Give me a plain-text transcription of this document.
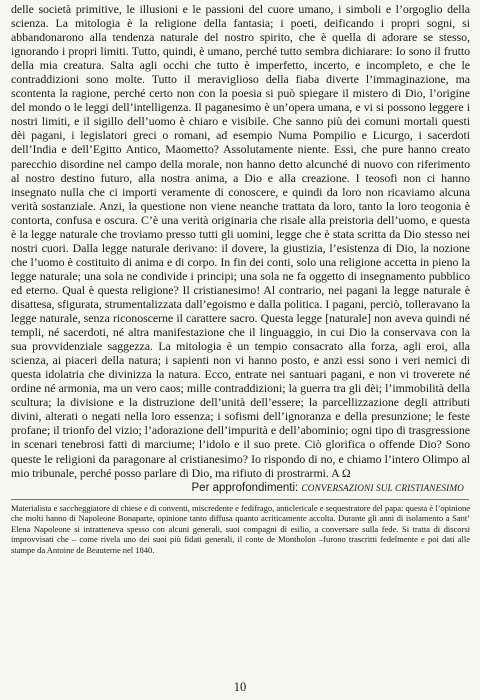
delle società primitive, le illusioni e le passioni del cuore umano, i simboli e l’orgoglio della scienza. La mitologia è la religione della fantasia; i poeti, deificando i propri sogni, si abbandonarono alla tendenza naturale del nostro spirito, che è quella di adorare se stesso, ignorando i propri limiti. Tutto, quindi, è umano, perché tutto sembra dichiarare: Io sono il frutto della mia creatura. Salta agli occhi che tutto è imperfetto, incerto, e incompleto, e che le contraddizioni sono molte. Tutto il meraviglioso della fiaba diverte l’immaginazione, ma scontenta la ragione, perché certo non con la poesia si può spiegare il mistero di Dio, l’origine del mondo o le leggi dell’intelligenza. Il paganesimo è un’opera umana, e vi si possono leggere i nostri limiti, e il sigillo dell’uomo è chiaro e visibile. Che sanno più dei comuni mortali questi dèi pagani, i legislatori greci o romani, ad esempio Numa Pompilio e Licurgo, i sacerdoti dell’India e dell’Egitto Antico, Maometto? Assolutamente niente. Essi, che pure hanno creato parecchio disordine nel campo della morale, non hanno detto alcunché di nuovo con riferimento al nostro destino futuro, alla nostra anima, a Dio e alla creazione. I teosofi non ci hanno insegnato nulla che ci importi veramente di conoscere, e quindi da loro non ricaviamo alcuna verità sostanziale. Anzi, la questione non viene neanche trattata da loro, tanto la loro teogonia è contorta, confusa e oscura. C’è una verità originaria che risale alla preistoria dell’uomo, e questa è la legge naturale che troviamo presso tutti gli uomini, legge che è stata scritta da Dio stesso nei nostri cuori. Dalla legge naturale derivano: il dovere, la giustizia, l’esistenza di Dio, la nozione che l’uomo è costituito di anima e di corpo. In fin dei conti, solo una religione accetta in pieno la legge naturale; una sola ne condivide i principi; una sola ne fa oggetto di insegnamento pubblico ed eterno. Qual è questa religione? Il cristianesimo! Al contrario, nei pagani la legge naturale è disattesa, sfigurata, strumentalizzata dall’egoismo e dalla politica. I pagani, perciò, tolleravano la legge naturale, senza riconoscerne il carattere sacro. Questa legge [naturale] non aveva quindi né templi, né sacerdoti, né altra manifestazione che il linguaggio, in cui Dio la conservava con la sua provvidenziale saggezza. La mitologia è un tempio consacrato alla forza, agli eroi, alla scienza, ai piaceri della natura; i sapienti non vi hanno posto, e anzi essi sono i veri nemici di questa idolatria che divinizza la natura. Ecco, entrate nei santuari pagani, e non vi troverete né ordine né armonia, ma un vero caos; mille contraddizioni; la guerra tra gli dèi; l’immobilità della scultura; la divisione e la distruzione dell’unità dell’essere; la parcellizzazione degli attributi divini, alterati o negati nella loro essenza; i sofismi dell’ignoranza e della presunzione; le feste profane; il trionfo del vizio; l’adorazione dell’impurità e dell’abominio; ogni tipo di trasgressione in scenari tenebrosi fatti di marciume; l’idolo e il suo prete. Ciò glorifica o offende Dio? Sono queste le religioni da paragonare al cristianesimo? Io rispondo di no, e chiamo l’intero Olimpo al mio tribunale, perché posso parlare di Dio, ma rifiuto di prostrarmi. A Ω

Per approfondimenti: CONVERSAZIONI SUL CRISTIANESIMO

Materialista e saccheggiatore di chiese e di conventi, miscredente e fedifrago, anticlericale e sequestratore del papa: questa è l’opinione che molti hanno di Napoleone Bonaparte, opinione tanto diffusa quanto acriticamente accolta. Durante gli anni di isolamento a Sant’ Elena Napoleone si intratteneva spesso con alcuni generali, suoi compagni di esilio, a conversare sulla fede. Si tratta di discorsi improvvisati che – come rivela uno dei suoi più fidati generali, il conte de Montholon –furono trascritti fedelmente e poi dati alle stampe da Antoine de Beauterne nel 1840.

10
